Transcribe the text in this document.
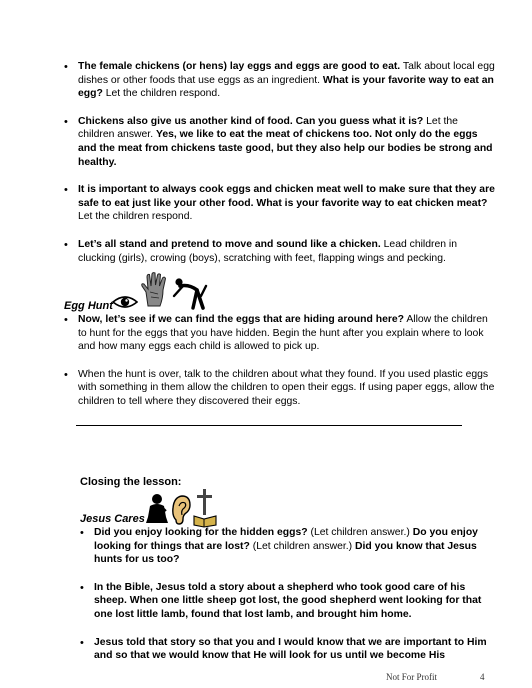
• The female chickens (or hens) lay eggs and eggs are good to eat. Talk about local egg dishes or other foods that use eggs as an ingredient. What is your favorite way to eat an egg? Let the children respond.
• Chickens also give us another kind of food. Can you guess what it is? Let the children answer. Yes, we like to eat the meat of chickens too. Not only do the eggs and the meat from chickens taste good, but they also help our bodies be strong and healthy.
• It is important to always cook eggs and chicken meat well to make sure that they are safe to eat just like your other food. What is your favorite way to eat chicken meat? Let the children respond.
• Let’s all stand and pretend to move and sound like a chicken. Lead children in clucking (girls), crowing (boys), scratching with feet, flapping wings and pecking.
Egg Hunt
• Now, let’s see if we can find the eggs that are hiding around here? Allow the children to hunt for the eggs that you have hidden. Begin the hunt after you explain where to look and how many eggs each child is allowed to pick up.
• When the hunt is over, talk to the children about what they found. If you used plastic eggs with something in them allow the children to open their eggs. If using paper eggs, allow the children to tell where they discovered their eggs.
Closing the lesson:
Jesus Cares
• Did you enjoy looking for the hidden eggs? (Let children answer.) Do you enjoy looking for things that are lost? (Let children answer.) Did you know that Jesus hunts for us too?
• In the Bible, Jesus told a story about a shepherd who took good care of his sheep. When one little sheep got lost, the good shepherd went looking for that one lost little lamb, found that lost lamb, and brought him home.
• Jesus told that story so that you and I would know that we are important to Him and so that we would know that He will look for us until we become His
Not For Profit	4
